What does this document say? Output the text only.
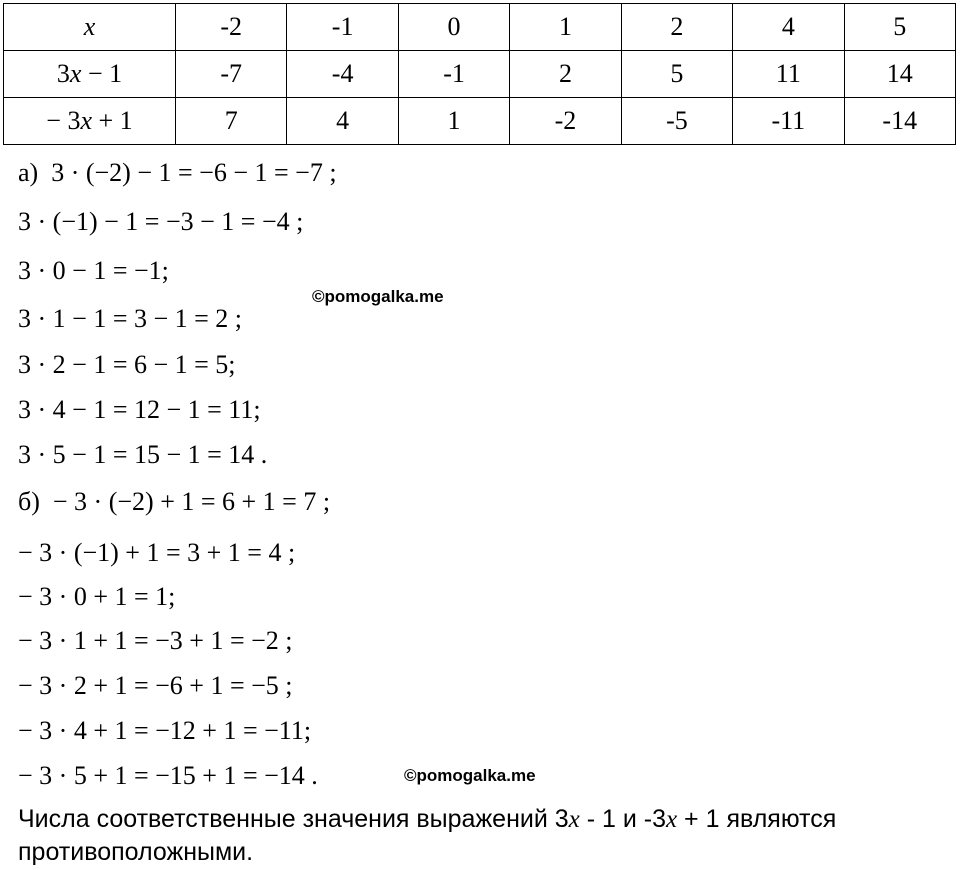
x	-2	-1	0	1	2	4	5
3x − 1	-7	-4	-1	2	5	11	14
− 3x + 1	7	4	1	-2	-5	-11	-14
а)  3 · (−2) − 1 = −6 − 1 = −7 ;
3 · (−1) − 1 = −3 − 1 = −4 ;
3 · 0 − 1 = −1;
3 · 1 − 1 = 3 − 1 = 2 ;
3 · 2 − 1 = 6 − 1 = 5;
3 · 4 − 1 = 12 − 1 = 11;
3 · 5 − 1 = 15 − 1 = 14 .
б)  − 3 · (−2) + 1 = 6 + 1 = 7 ;
− 3 · (−1) + 1 = 3 + 1 = 4 ;
− 3 · 0 + 1 = 1;
− 3 · 1 + 1 = −3 + 1 = −2 ;
− 3 · 2 + 1 = −6 + 1 = −5 ;
− 3 · 4 + 1 = −12 + 1 = −11;
− 3 · 5 + 1 = −15 + 1 = −14 .
©pomogalka.me
©pomogalka.me
Числа соответственные значения выражений 3x - 1 и -3x + 1 являются противоположными.
